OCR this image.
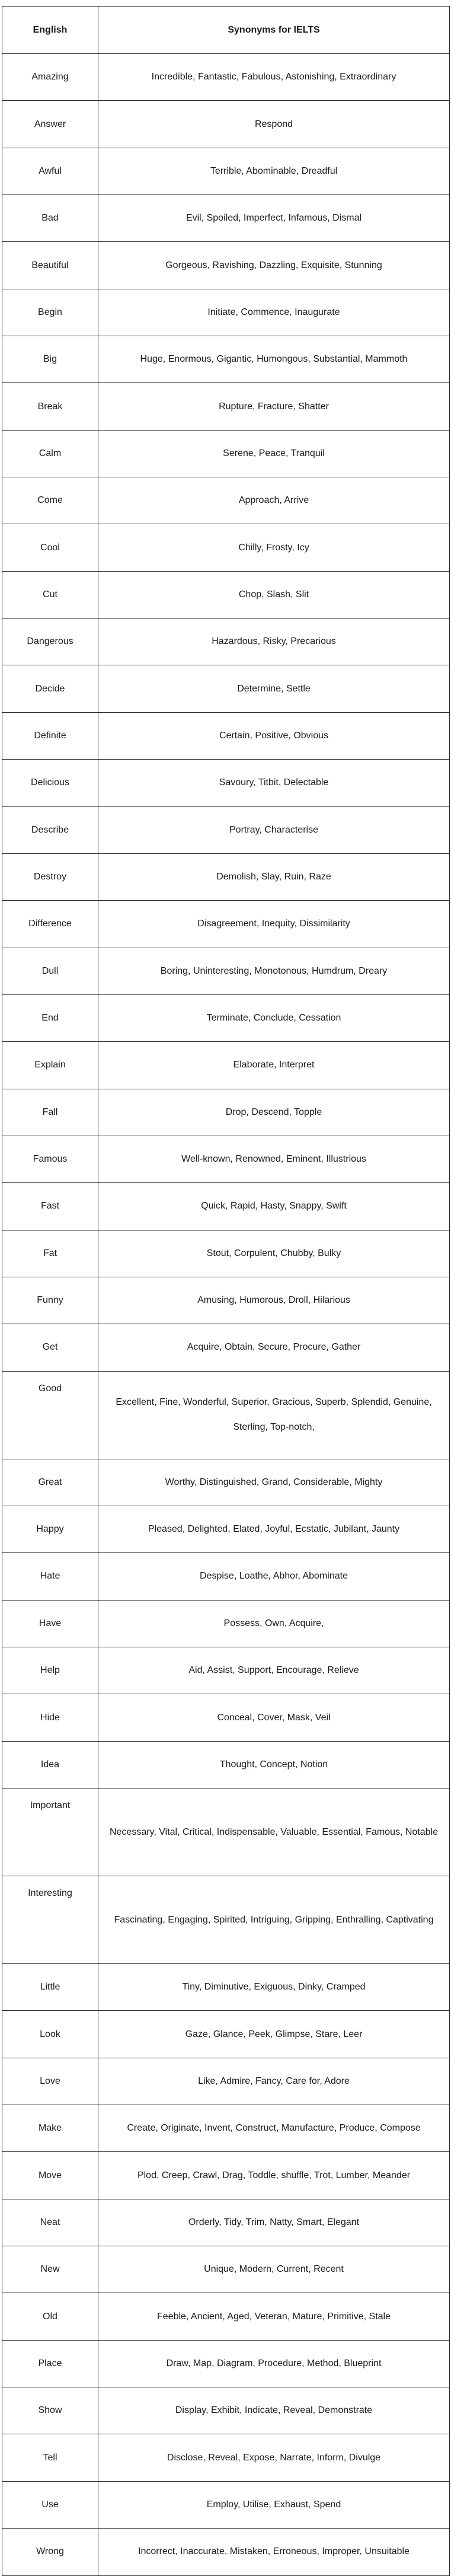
English	Synonyms for IELTS
Amazing	Incredible, Fantastic, Fabulous, Astonishing, Extraordinary
Answer	Respond
Awful	Terrible, Abominable, Dreadful
Bad	Evil, Spoiled, Imperfect, Infamous, Dismal
Beautiful	Gorgeous, Ravishing, Dazzling, Exquisite, Stunning
Begin	Initiate, Commence, Inaugurate
Big	Huge, Enormous, Gigantic, Humongous, Substantial, Mammoth
Break	Rupture, Fracture, Shatter
Calm	Serene, Peace, Tranquil
Come	Approach, Arrive
Cool	Chilly, Frosty, Icy
Cut	Chop, Slash, Slit
Dangerous	Hazardous, Risky, Precarious
Decide	Determine, Settle
Definite	Certain, Positive, Obvious
Delicious	Savoury, Titbit, Delectable
Describe	Portray, Characterise
Destroy	Demolish, Slay, Ruin, Raze
Difference	Disagreement, Inequity, Dissimilarity
Dull	Boring, Uninteresting, Monotonous, Humdrum, Dreary
End	Terminate, Conclude, Cessation
Explain	Elaborate, Interpret
Fall	Drop, Descend, Topple
Famous	Well-known, Renowned, Eminent, Illustrious
Fast	Quick, Rapid, Hasty, Snappy, Swift
Fat	Stout, Corpulent, Chubby, Bulky
Funny	Amusing, Humorous, Droll, Hilarious
Get	Acquire, Obtain, Secure, Procure, Gather
Good	Excellent, Fine, Wonderful, Superior, Gracious, Superb, Splendid, Genuine, Sterling, Top-notch,
Great	Worthy, Distinguished, Grand, Considerable, Mighty
Happy	Pleased, Delighted, Elated, Joyful, Ecstatic, Jubilant, Jaunty
Hate	Despise, Loathe, Abhor, Abominate
Have	Possess, Own, Acquire,
Help	Aid, Assist, Support, Encourage, Relieve
Hide	Conceal, Cover, Mask, Veil
Idea	Thought, Concept, Notion
Important	Necessary, Vital, Critical, Indispensable, Valuable, Essential, Famous, Notable
Interesting	Fascinating, Engaging, Spirited, Intriguing, Gripping, Enthralling, Captivating
Little	Tiny, Diminutive, Exiguous, Dinky, Cramped
Look	Gaze, Glance, Peek, Glimpse, Stare, Leer
Love	Like, Admire, Fancy, Care for, Adore
Make	Create, Originate, Invent, Construct, Manufacture, Produce, Compose
Move	Plod, Creep, Crawl, Drag, Toddle, shuffle, Trot, Lumber, Meander
Neat	Orderly, Tidy, Trim, Natty, Smart, Elegant
New	Unique, Modern, Current, Recent
Old	Feeble, Ancient, Aged, Veteran, Mature, Primitive, Stale
Place	Draw, Map, Diagram, Procedure, Method, Blueprint
Show	Display, Exhibit, Indicate, Reveal, Demonstrate
Tell	Disclose, Reveal, Expose, Narrate, Inform, Divulge
Use	Employ, Utilise, Exhaust, Spend
Wrong	Incorrect, Inaccurate, Mistaken, Erroneous, Improper, Unsuitable
